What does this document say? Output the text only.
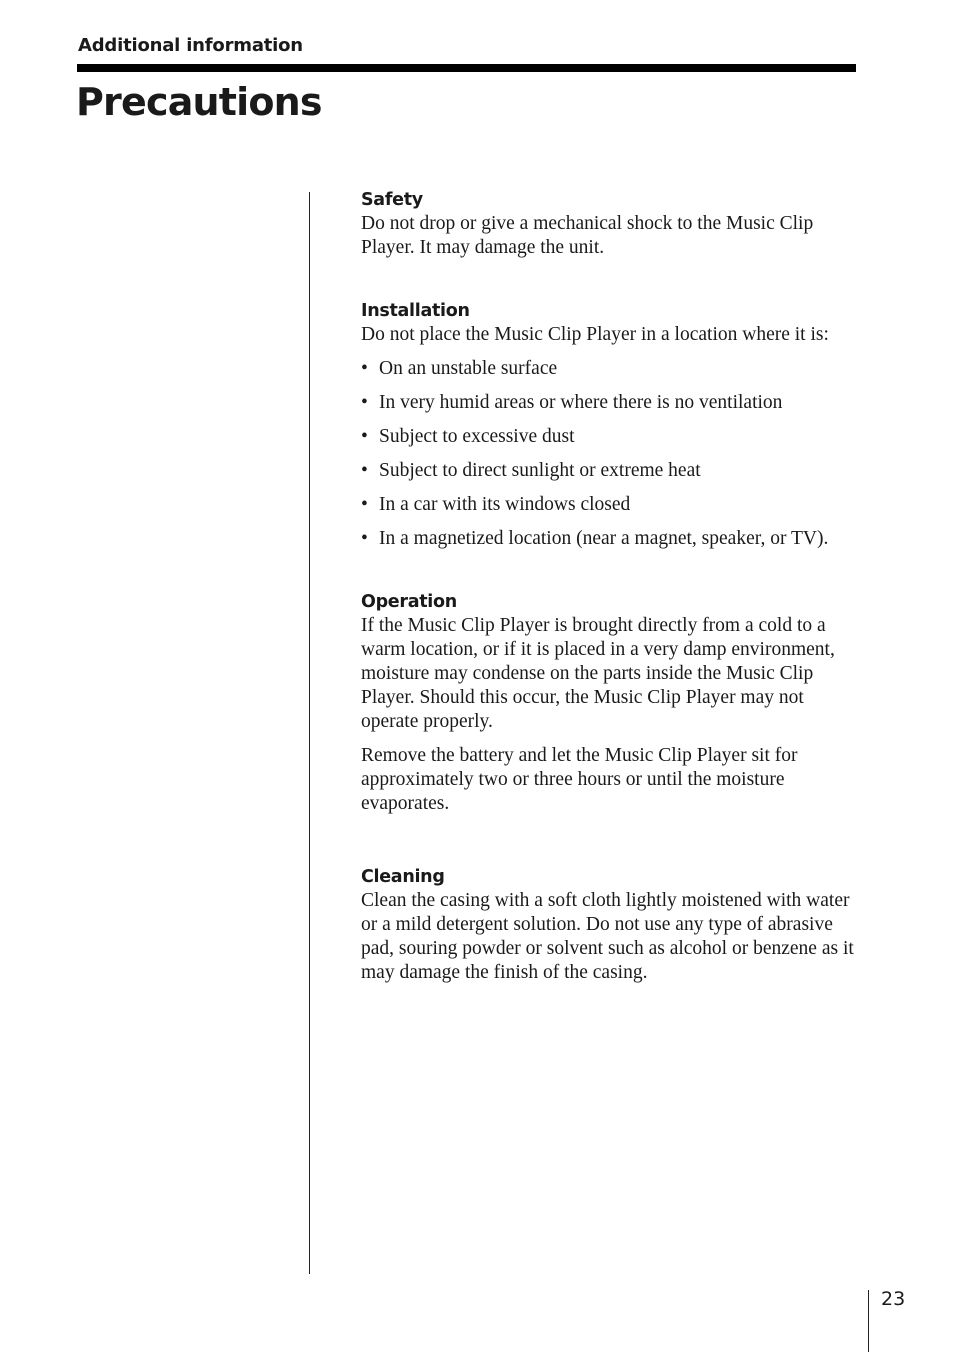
Additional information
Precautions

Safety

Do not drop or give a mechanical shock to the Music Clip Player. It may damage the unit.

Installation

Do not place the Music Clip Player in a location where it is:

• On an unstable surface
• In very humid areas or where there is no ventilation
• Subject to excessive dust
• Subject to direct sunlight or extreme heat
• In a car with its windows closed
• In a magnetized location (near a magnet, speaker, or TV).

Operation

If the Music Clip Player is brought directly from a cold to a warm location, or if it is placed in a very damp environment, moisture may condense on the parts inside the Music Clip Player. Should this occur, the Music Clip Player may not operate properly.

Remove the battery and let the Music Clip Player sit for approximately two or three hours or until the moisture evaporates.

Cleaning

Clean the casing with a soft cloth lightly moistened with water or a mild detergent solution. Do not use any type of abrasive pad, souring powder or solvent such as alcohol or benzene as it may damage the finish of the casing.

23
